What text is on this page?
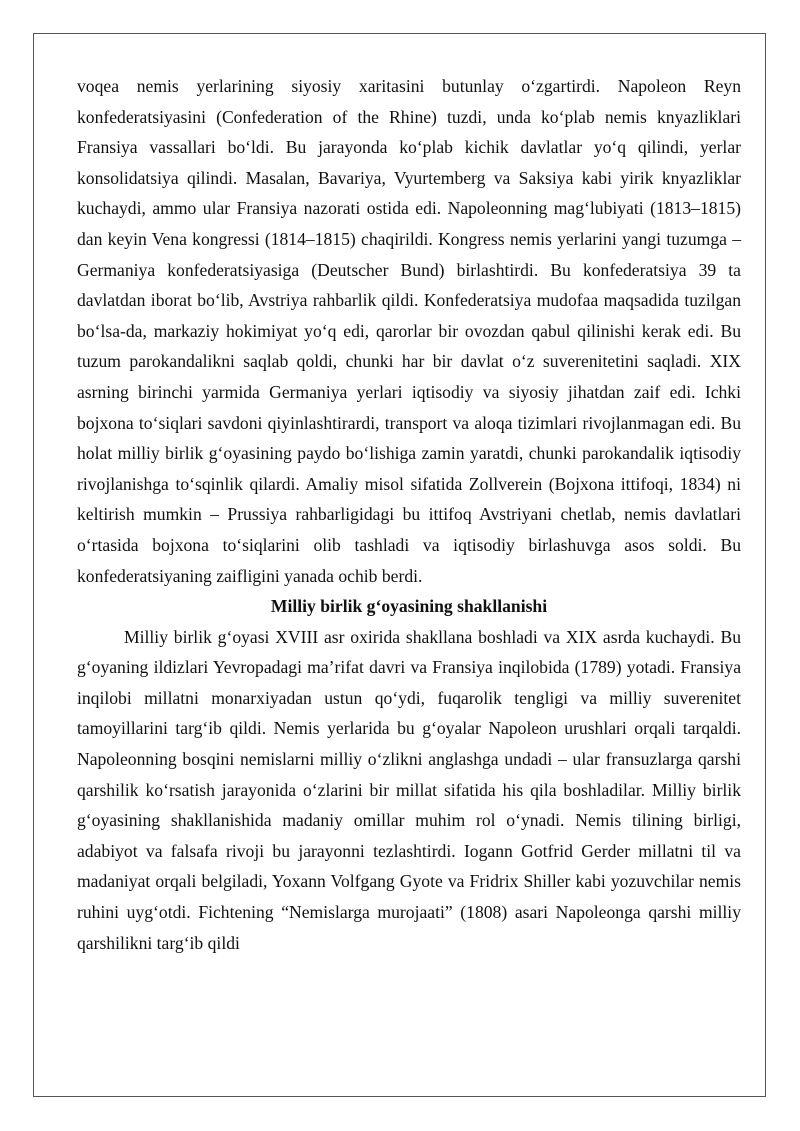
voqea nemis yerlarining siyosiy xaritasini butunlay o‘zgartirdi. Napoleon Reyn konfederatsiyasini (Confederation of the Rhine) tuzdi, unda ko‘plab nemis knyazliklari Fransiya vassallari bo‘ldi. Bu jarayonda ko‘plab kichik davlatlar yo‘q qilindi, yerlar konsolidatsiya qilindi. Masalan, Bavariya, Vyurtemberg va Saksiya kabi yirik knyazliklar kuchaydi, ammo ular Fransiya nazorati ostida edi. Napoleonning mag‘lubiyati (1813–1815) dan keyin Vena kongressi (1814–1815) chaqirildi. Kongress nemis yerlarini yangi tuzumga – Germaniya konfederatsiyasiga (Deutscher Bund) birlashtirdi. Bu konfederatsiya 39 ta davlatdan iborat bo‘lib, Avstriya rahbarlik qildi. Konfederatsiya mudofaa maqsadida tuzilgan bo‘lsa-da, markaziy hokimiyat yo‘q edi, qarorlar bir ovozdan qabul qilinishi kerak edi. Bu tuzum parokandalikni saqlab qoldi, chunki har bir davlat o‘z suverenitetini saqladi. XIX asrning birinchi yarmida Germaniya yerlari iqtisodiy va siyosiy jihatdan zaif edi. Ichki bojxona to‘siqlari savdoni qiyinlashtirardi, transport va aloqa tizimlari rivojlanmagan edi. Bu holat milliy birlik g‘oyasining paydo bo‘lishiga zamin yaratdi, chunki parokandalik iqtisodiy rivojlanishga to‘sqinlik qilardi. Amaliy misol sifatida Zollverein (Bojxona ittifoqi, 1834) ni keltirish mumkin – Prussiya rahbarligidagi bu ittifoq Avstriyani chetlab, nemis davlatlari o‘rtasida bojxona to‘siqlarini olib tashladi va iqtisodiy birlashuvga asos soldi. Bu konfederatsiyaning zaifligini yanada ochib berdi.

Milliy birlik g‘oyasining shakllanishi

Milliy birlik g‘oyasi XVIII asr oxirida shakllana boshladi va XIX asrda kuchaydi. Bu g‘oyaning ildizlari Yevropadagi ma’rifat davri va Fransiya inqilobida (1789) yotadi. Fransiya inqilobi millatni monarxiyadan ustun qo‘ydi, fuqarolik tengligi va milliy suverenitet tamoyillarini targ‘ib qildi. Nemis yerlarida bu g‘oyalar Napoleon urushlari orqali tarqaldi. Napoleonning bosqini nemislarni milliy o‘zlikni anglashga undadi – ular fransuzlarga qarshi qarshilik ko‘rsatish jarayonida o‘zlarini bir millat sifatida his qila boshladilar. Milliy birlik g‘oyasining shakllanishida madaniy omillar muhim rol o‘ynadi. Nemis tilining birligi, adabiyot va falsafa rivoji bu jarayonni tezlashtirdi. Iogann Gotfrid Gerder millatni til va madaniyat orqali belgiladi, Yoxann Volfgang Gyote va Fridrix Shiller kabi yozuvchilar nemis ruhini uyg‘otdi. Fichtening “Nemislarga murojaati” (1808) asari Napoleonga qarshi milliy qarshilikni targ‘ib qildi
